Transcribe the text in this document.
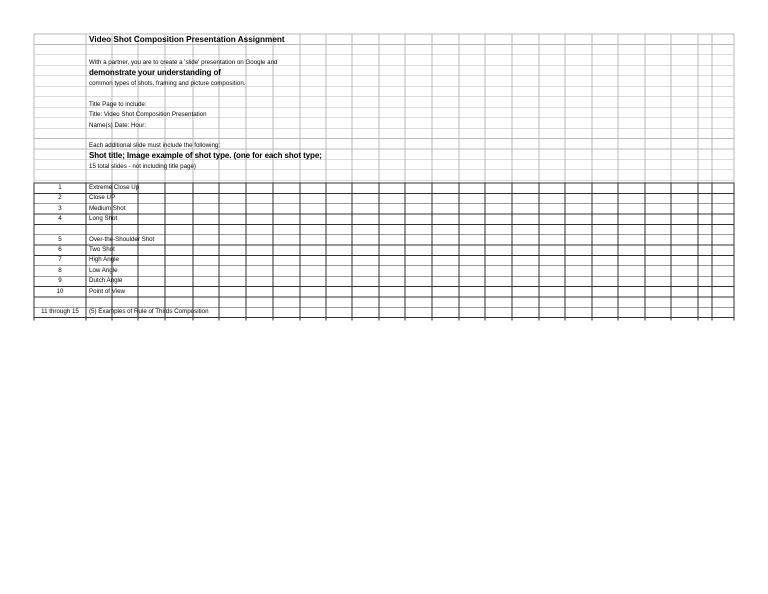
Video Shot Composition Presentation Assignment
With a partner, you are to create a 'slide' presentation on Google and
demonstrate your understanding of
common types of shots, framing and picture composition.
Title Page to include:
Title: Video Shot Composition Presentation
Name(s) Date: Hour:
Each additional slide must include the following:
Shot title; Image example of shot type. (one for each shot type;
15 total slides - not including title page)
1	Extreme Close Up
2	Close UP
3	Medium Shot
4	Long Shot
5	Over-the-Shoulder Shot
6	Two Shot
7	High Angle
8	Low Angle
9	Dutch Angle
10	Point of View
11 through 15	(5) Examples of Rule of Thirds Composition
